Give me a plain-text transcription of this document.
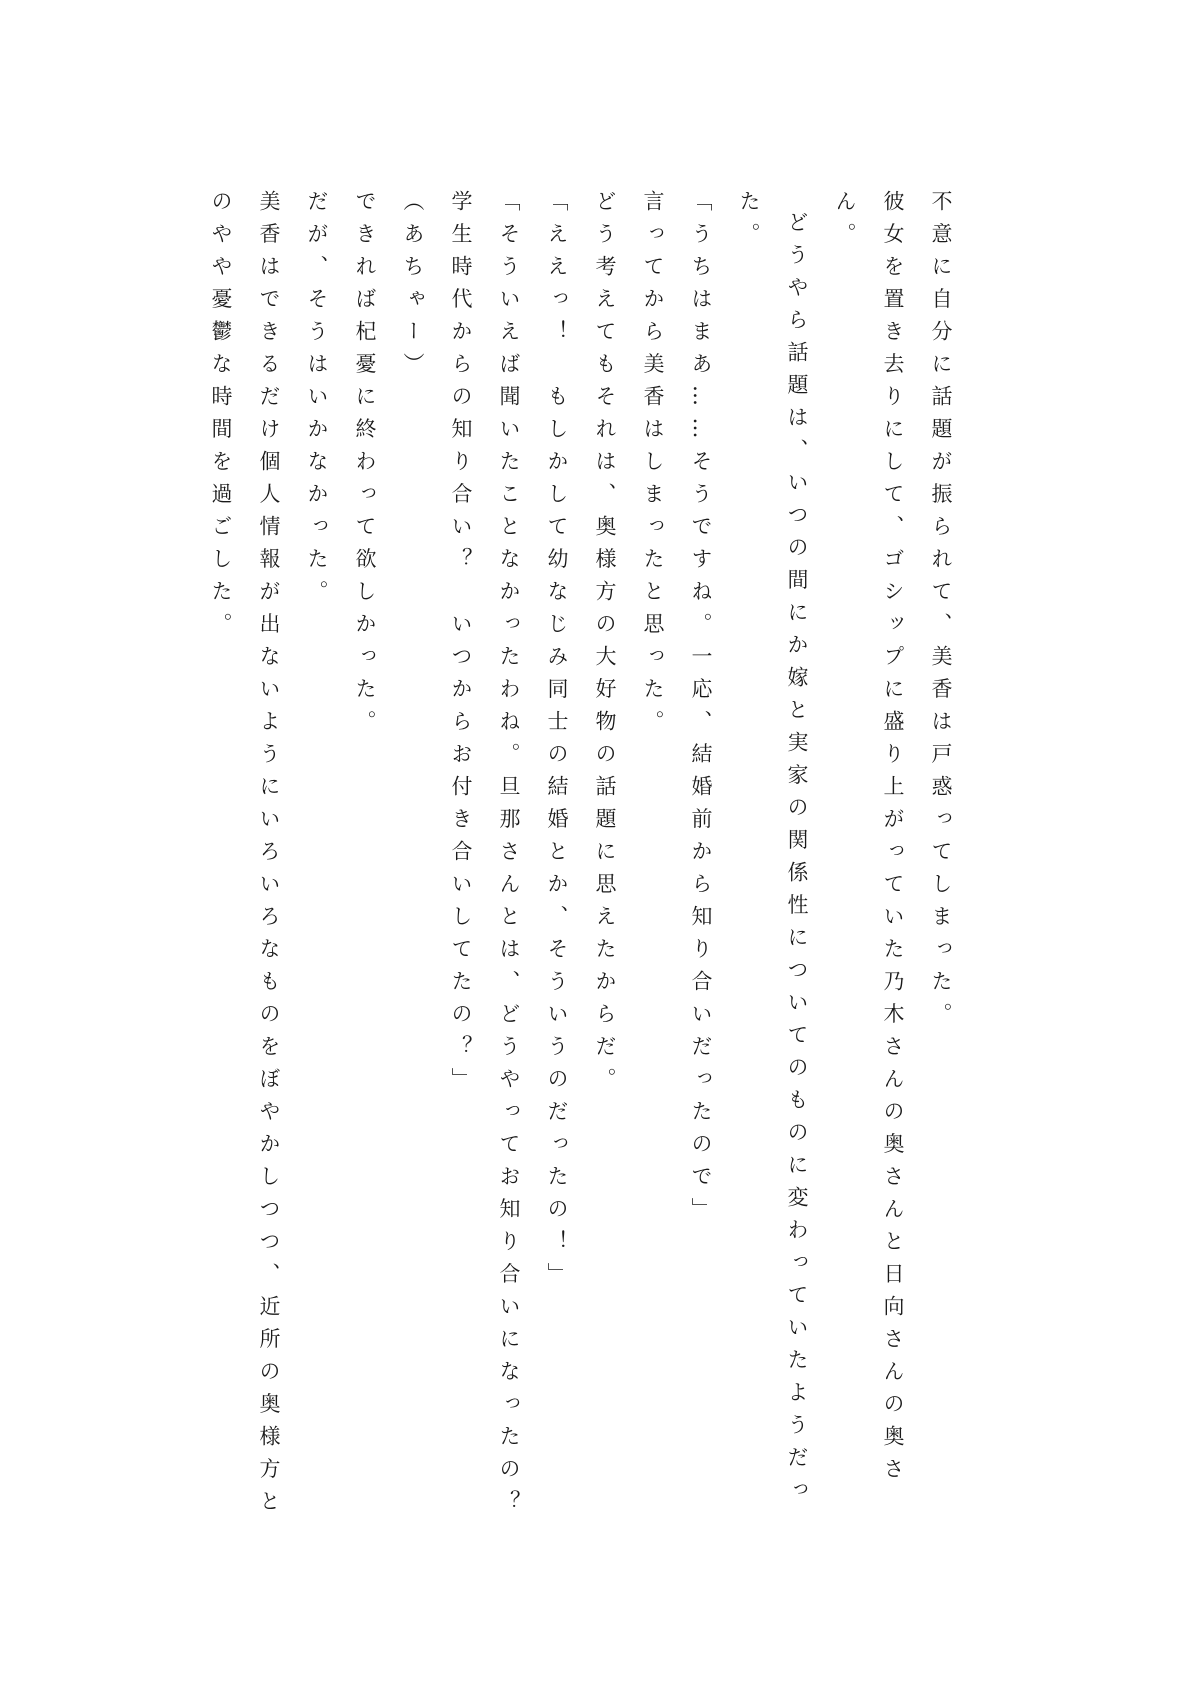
不意に自分に話題が振られて、美香は戸惑ってしまった。

彼女を置き去りにして、ゴシップに盛り上がっていた乃木さんの奥さんと日向さんの奥さん。

どうやら話題は、いつの間にか嫁と実家の関係性についてのものに変わっていたようだった。

「うちはまあ……そうですね。一応、結婚前から知り合いだったので」

言ってから美香はしまったと思った。

どう考えてもそれは、奥様方の大好物の話題に思えたからだ。

「ええっ！　もしかして幼なじみ同士の結婚とか、そういうのだったの！」

「そういえば聞いたことなかったわね。旦那さんとは、どうやってお知り合いになったの？　学生時代からの知り合い？　いつからお付き合いしてたの？」

（あちゃー）

できれば杞憂に終わって欲しかった。

だが、そうはいかなかった。

美香はできるだけ個人情報が出ないようにいろいろなものをぼやかしつつ、近所の奥様方とのやや憂鬱な時間を過ごした。
